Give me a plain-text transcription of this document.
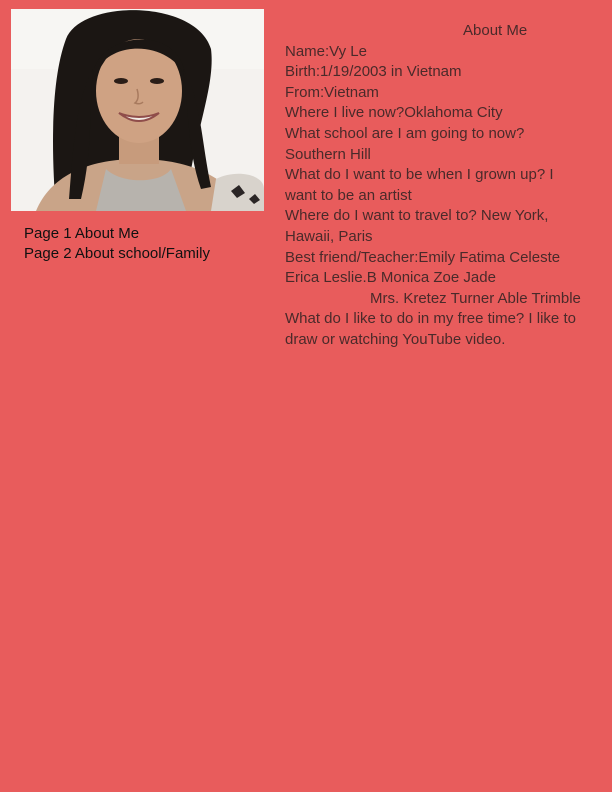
Page 1 About Me
Page 2 About school/Family
About Me
Name:Vy Le
Birth:1/19/2003 in Vietnam
From:Vietnam
Where I live now?Oklahoma City
What school are I am going to now?
Southern Hill
What do I want to be when I grown up? I
want to be an artist
Where do I want to travel to? New York,
Hawaii, Paris
Best friend/Teacher:Emily Fatima Celeste
Erica Leslie.B Monica Zoe Jade
Mrs. Kretez Turner Able Trimble
What do I like to do in my free time? I like to
draw or watching YouTube video.
